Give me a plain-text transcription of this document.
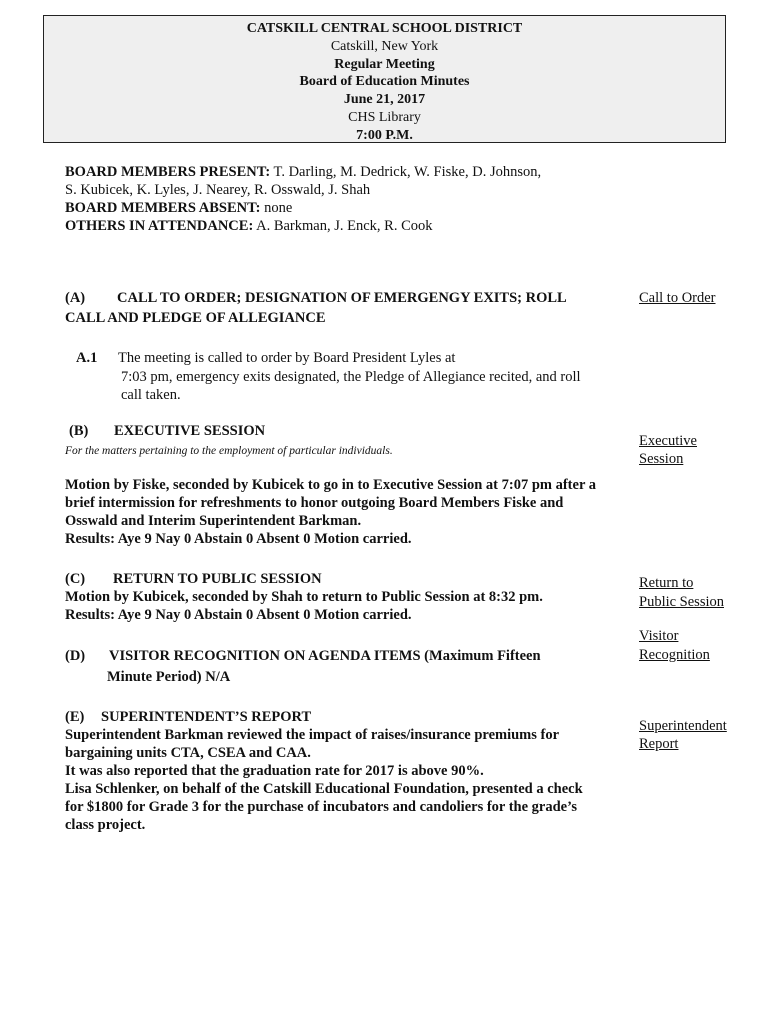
CATSKILL CENTRAL SCHOOL DISTRICT
Catskill, New York
Regular Meeting
Board of Education Minutes
June 21, 2017
CHS Library
7:00 P.M.
BOARD MEMBERS PRESENT: T. Darling, M. Dedrick, W. Fiske, D. Johnson,
S. Kubicek, K. Lyles, J. Nearey, R. Osswald, J. Shah
BOARD MEMBERS ABSENT: none
OTHERS IN ATTENDANCE: A. Barkman, J. Enck, R. Cook
(A) CALL TO ORDER; DESIGNATION OF EMERGENGY EXITS; ROLL
CALL AND PLEDGE OF ALLEGIANCE
Call to Order
A.1 The meeting is called to order by Board President Lyles at
7:03 pm, emergency exits designated, the Pledge of Allegiance recited, and roll
call taken.
(B) EXECUTIVE SESSION
For the matters pertaining to the employment of particular individuals.
Executive
Session
Motion by Fiske, seconded by Kubicek to go in to Executive Session at 7:07 pm after a
brief intermission for refreshments to honor outgoing Board Members Fiske and
Osswald and Interim Superintendent Barkman.
Results: Aye 9 Nay 0 Abstain 0 Absent 0 Motion carried.
(C) RETURN TO PUBLIC SESSION
Motion by Kubicek, seconded by Shah to return to Public Session at 8:32 pm.
Results: Aye 9 Nay 0 Abstain 0 Absent 0 Motion carried.
Return to
Public Session
(D) VISITOR RECOGNITION ON AGENDA ITEMS (Maximum Fifteen
Minute Period) N/A
Visitor
Recognition
(E) SUPERINTENDENT’S REPORT
Superintendent Barkman reviewed the impact of raises/insurance premiums for
bargaining units CTA, CSEA and CAA.
It was also reported that the graduation rate for 2017 is above 90%.
Lisa Schlenker, on behalf of the Catskill Educational Foundation, presented a check
for $1800 for Grade 3 for the purchase of incubators and candoliers for the grade’s
class project.
Superintendent
Report
